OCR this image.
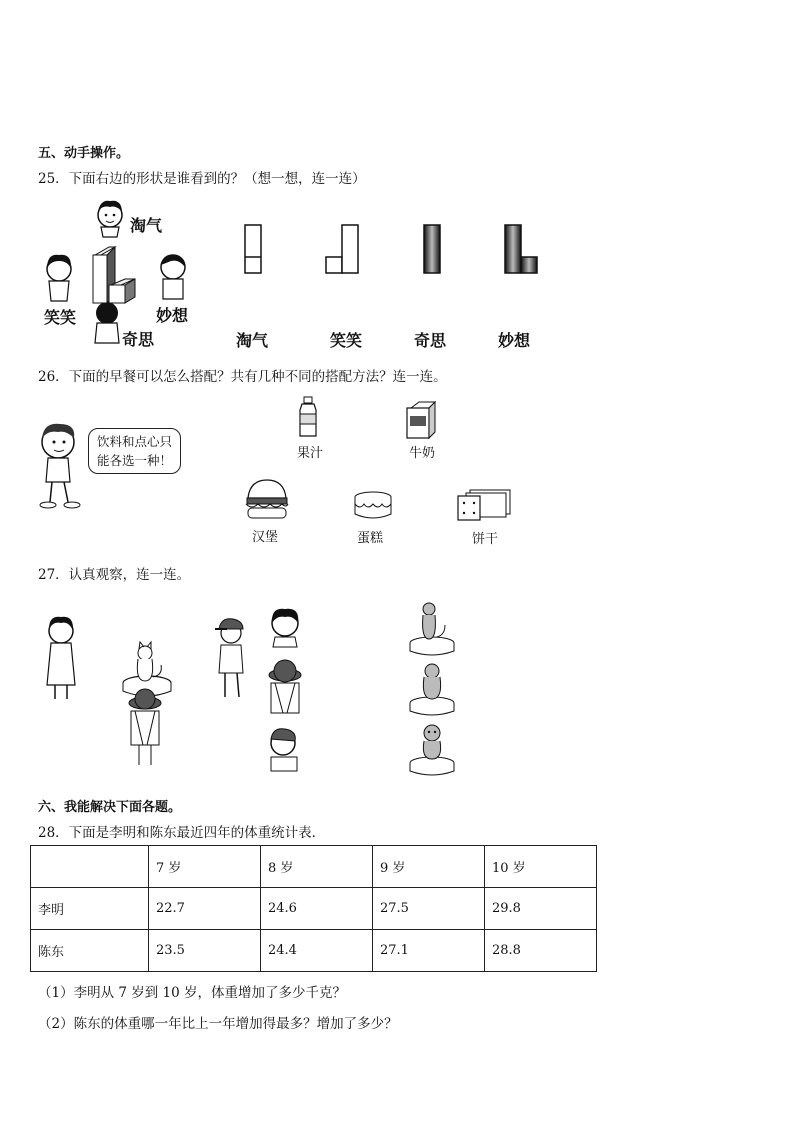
五、动手操作。
25．下面右边的形状是谁看到的？（想一想，连一连）
淘气
笑笑	妙想
奇思	淘气	笑笑	奇思	妙想
26．下面的早餐可以怎么搭配？共有几种不同的搭配方法？连一连。
饮料和点心只
能各选一种！	果汁	牛奶
汉堡	蛋糕	饼干
27．认真观察，连一连。
六、我能解决下面各题。
28．下面是李明和陈东最近四年的体重统计表．
	7 岁	8 岁	9 岁	10 岁
李明	22.7	24.6	27.5	29.8
陈东	23.5	24.4	27.1	28.8
（1）李明从 7 岁到 10 岁，体重增加了多少千克？
（2）陈东的体重哪一年比上一年增加得最多？增加了多少？
